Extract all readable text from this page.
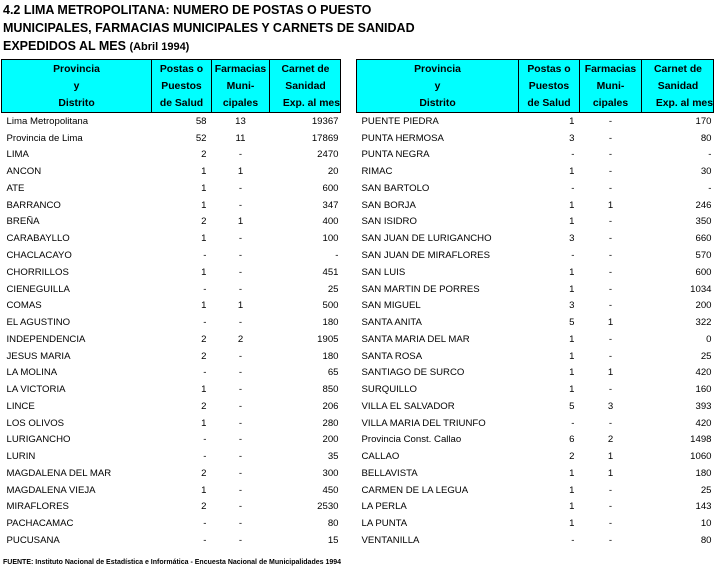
4.2 LIMA METROPOLITANA: NUMERO DE POSTAS O PUESTO
MUNICIPALES, FARMACIAS MUNICIPALES Y CARNETS DE SANIDAD
EXPEDIDOS AL MES (Abril 1994)
Provincia
y
Distrito	Postas o
Puestos
de Salud	Farmacias
Muni-
cipales	Carnet de
Sanidad
Exp. al mes

Lima Metropolitana	58	13	19367
Provincia de Lima	52	11	17869
LIMA	2	-	2470
ANCON	1	1	20
ATE	1	-	600
BARRANCO	1	-	347
BREÑA	2	1	400
CARABAYLLO	1	-	100
CHACLACAYO	-	-	-
CHORRILLOS	1	-	451
CIENEGUILLA	-	-	25
COMAS	1	1	500
EL AGUSTINO	-	-	180
INDEPENDENCIA	2	2	1905
JESUS MARIA	2	-	180
LA MOLINA	-	-	65
LA VICTORIA	1	-	850
LINCE	2	-	206
LOS OLIVOS	1	-	280
LURIGANCHO	-	-	200
LURIN	-	-	35
MAGDALENA DEL MAR	2	-	300
MAGDALENA VIEJA	1	-	450
MIRAFLORES	2	-	2530
PACHACAMAC	-	-	80
PUCUSANA	-	-	15
Provincia
y
Distrito	Postas o
Puestos
de Salud	Farmacias
Muni-
cipales	Carnet de
Sanidad
Exp. al mes

PUENTE PIEDRA	1	-	170
PUNTA HERMOSA	3	-	80
PUNTA NEGRA	-	-	-
RIMAC	1	-	30
SAN BARTOLO	-	-	-
SAN BORJA	1	1	246
SAN ISIDRO	1	-	350
SAN JUAN DE LURIGANCHO	3	-	660
SAN JUAN DE MIRAFLORES	-	-	570
SAN LUIS	1	-	600
SAN MARTIN DE PORRES	1	-	1034
SAN MIGUEL	3	-	200
SANTA ANITA	5	1	322
SANTA MARIA DEL MAR	1	-	0
SANTA ROSA	1	-	25
SANTIAGO DE SURCO	1	1	420
SURQUILLO	1	-	160
VILLA EL SALVADOR	5	3	393
VILLA MARIA DEL TRIUNFO	-	-	420
Provincia Const. Callao	6	2	1498
CALLAO	2	1	1060
BELLAVISTA	1	1	180
CARMEN DE LA LEGUA	1	-	25
LA PERLA	1	-	143
LA PUNTA	1	-	10
VENTANILLA	-	-	80
FUENTE: Instituto Nacional de Estadística e Informática - Encuesta Nacional de Municipalidades 1994
